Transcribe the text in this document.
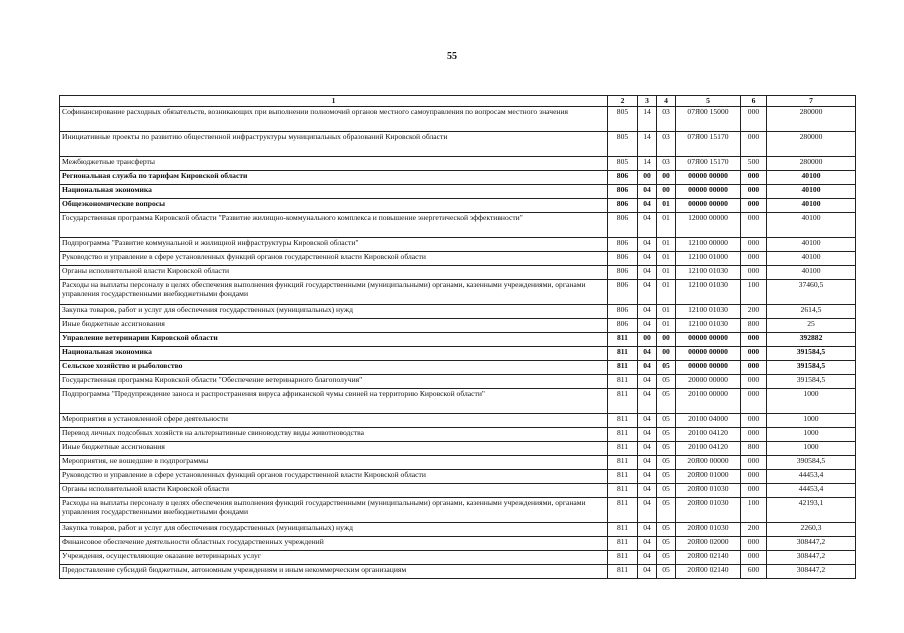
55
1	2	3	4	5	6	7
Софинансирование расходных обязательств, возникающих при выполнении полномочий органов местного самоуправления по вопросам местного значения	805	14	03	07Я00 15000	000	280000
Инициативные проекты по развитию общественной инфраструктуры муниципальных образований Кировской области	805	14	03	07Я00 15170	000	280000
Межбюджетные трансферты	805	14	03	07Я00 15170	500	280000
Региональная служба по тарифам Кировской области	806	00	00	00000 00000	000	40100
Национальная экономика	806	04	00	00000 00000	000	40100
Общеэкономические вопросы	806	04	01	00000 00000	000	40100
Государственная программа Кировской области "Развитие жилищно-коммунального комплекса и повышение энергетической эффективности"	806	04	01	12000 00000	000	40100
Подпрограмма "Развитие коммунальной и жилищной инфраструктуры Кировской области"	806	04	01	12100 00000	000	40100
Руководство и управление в сфере установленных функций органов государственной власти Кировской области	806	04	01	12100 01000	000	40100
Органы исполнительной власти Кировской области	806	04	01	12100 01030	000	40100
Расходы на выплаты персоналу в целях обеспечения выполнения функций государственными (муниципальными) органами, казенными учреждениями, органами управления государственными внебюджетными фондами	806	04	01	12100 01030	100	37460,5
Закупка товаров, работ и услуг для обеспечения государственных (муниципальных) нужд	806	04	01	12100 01030	200	2614,5
Иные бюджетные ассигнования	806	04	01	12100 01030	800	25
Управление ветеринарии Кировской области	811	00	00	00000 00000	000	392882
Национальная экономика	811	04	00	00000 00000	000	391584,5
Сельское хозяйство и рыболовство	811	04	05	00000 00000	000	391584,5
Государственная программа Кировской области "Обеспечение ветеринарного благополучия"	811	04	05	20000 00000	000	391584,5
Подпрограмма "Предупреждение заноса и распространения вируса африканской чумы свиней на территорию Кировской области"	811	04	05	20100 00000	000	1000
Мероприятия в установленной сфере деятельности	811	04	05	20100 04000	000	1000
Перевод личных подсобных хозяйств на альтернативные свиноводству виды животноводства	811	04	05	20100 04120	000	1000
Иные бюджетные ассигнования	811	04	05	20100 04120	800	1000
Мероприятия, не вошедшие в подпрограммы	811	04	05	20Я00 00000	000	390584,5
Руководство и управление в сфере установленных функций органов государственной власти Кировской области	811	04	05	20Я00 01000	000	44453,4
Органы исполнительной власти Кировской области	811	04	05	20Я00 01030	000	44453,4
Расходы на выплаты персоналу в целях обеспечения выполнения функций государственными (муниципальными) органами, казенными учреждениями, органами управления государственными внебюджетными фондами	811	04	05	20Я00 01030	100	42193,1
Закупка товаров, работ и услуг для обеспечения государственных (муниципальных) нужд	811	04	05	20Я00 01030	200	2260,3
Финансовое обеспечение деятельности областных государственных учреждений	811	04	05	20Я00 02000	000	308447,2
Учреждения, осуществляющие оказание ветеринарных услуг	811	04	05	20Я00 02140	000	308447,2
Предоставление субсидий бюджетным, автономным учреждениям и иным некоммерческим организациям	811	04	05	20Я00 02140	600	308447,2
